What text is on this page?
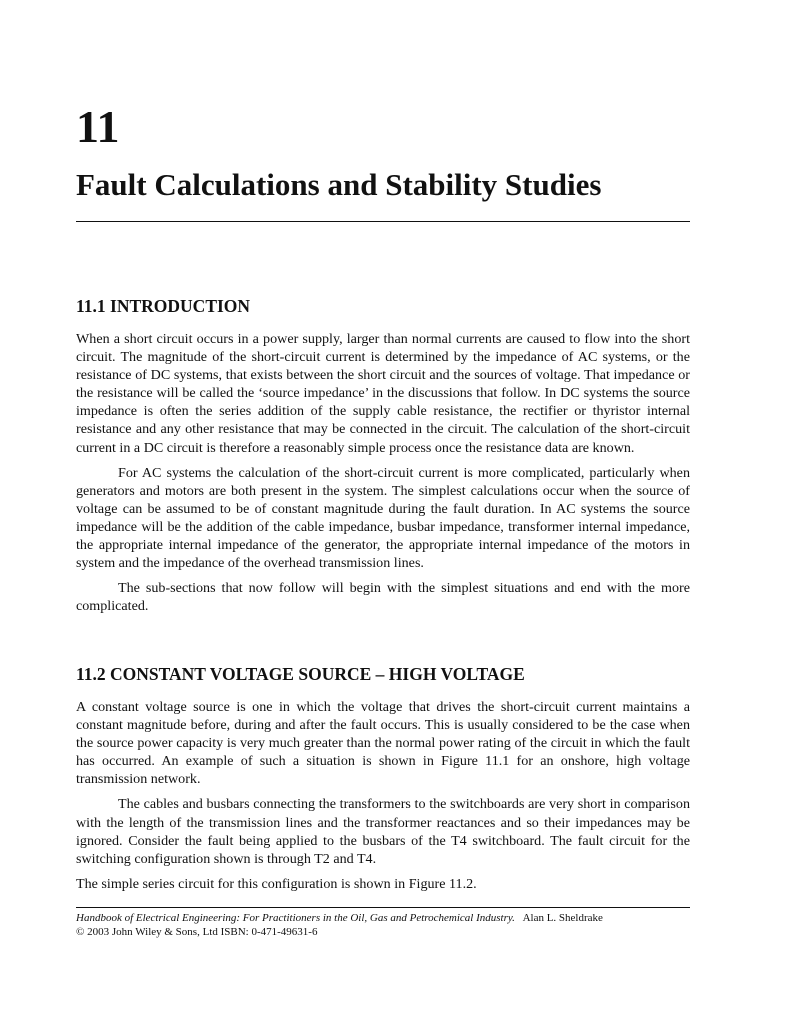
11
Fault Calculations and Stability Studies
11.1 INTRODUCTION

When a short circuit occurs in a power supply, larger than normal currents are caused to flow into the short circuit. The magnitude of the short-circuit current is determined by the impedance of AC systems, or the resistance of DC systems, that exists between the short circuit and the sources of voltage. That impedance or the resistance will be called the ‘source impedance’ in the discussions that follow. In DC systems the source impedance is often the series addition of the supply cable resistance, the rectifier or thyristor internal resistance and any other resistance that may be connected in the circuit. The calculation of the short-circuit current in a DC circuit is therefore a reasonably simple process once the resistance data are known.

For AC systems the calculation of the short-circuit current is more complicated, particularly when generators and motors are both present in the system. The simplest calculations occur when the source of voltage can be assumed to be of constant magnitude during the fault duration. In AC systems the source impedance will be the addition of the cable impedance, busbar impedance, transformer internal impedance, the appropriate internal impedance of the generator, the appropriate internal impedance of the motors in system and the impedance of the overhead transmission lines.

The sub-sections that now follow will begin with the simplest situations and end with the more complicated.

11.2 CONSTANT VOLTAGE SOURCE – HIGH VOLTAGE

A constant voltage source is one in which the voltage that drives the short-circuit current maintains a constant magnitude before, during and after the fault occurs. This is usually considered to be the case when the source power capacity is very much greater than the normal power rating of the circuit in which the fault has occurred. An example of such a situation is shown in Figure 11.1 for an onshore, high voltage transmission network.

The cables and busbars connecting the transformers to the switchboards are very short in comparison with the length of the transmission lines and the transformer reactances and so their impedances may be ignored. Consider the fault being applied to the busbars of the T4 switchboard. The fault circuit for the switching configuration shown is through T2 and T4.

The simple series circuit for this configuration is shown in Figure 11.2.

Handbook of Electrical Engineering: For Practitioners in the Oil, Gas and Petrochemical Industry. Alan L. Sheldrake
© 2003 John Wiley & Sons, Ltd ISBN: 0-471-49631-6
